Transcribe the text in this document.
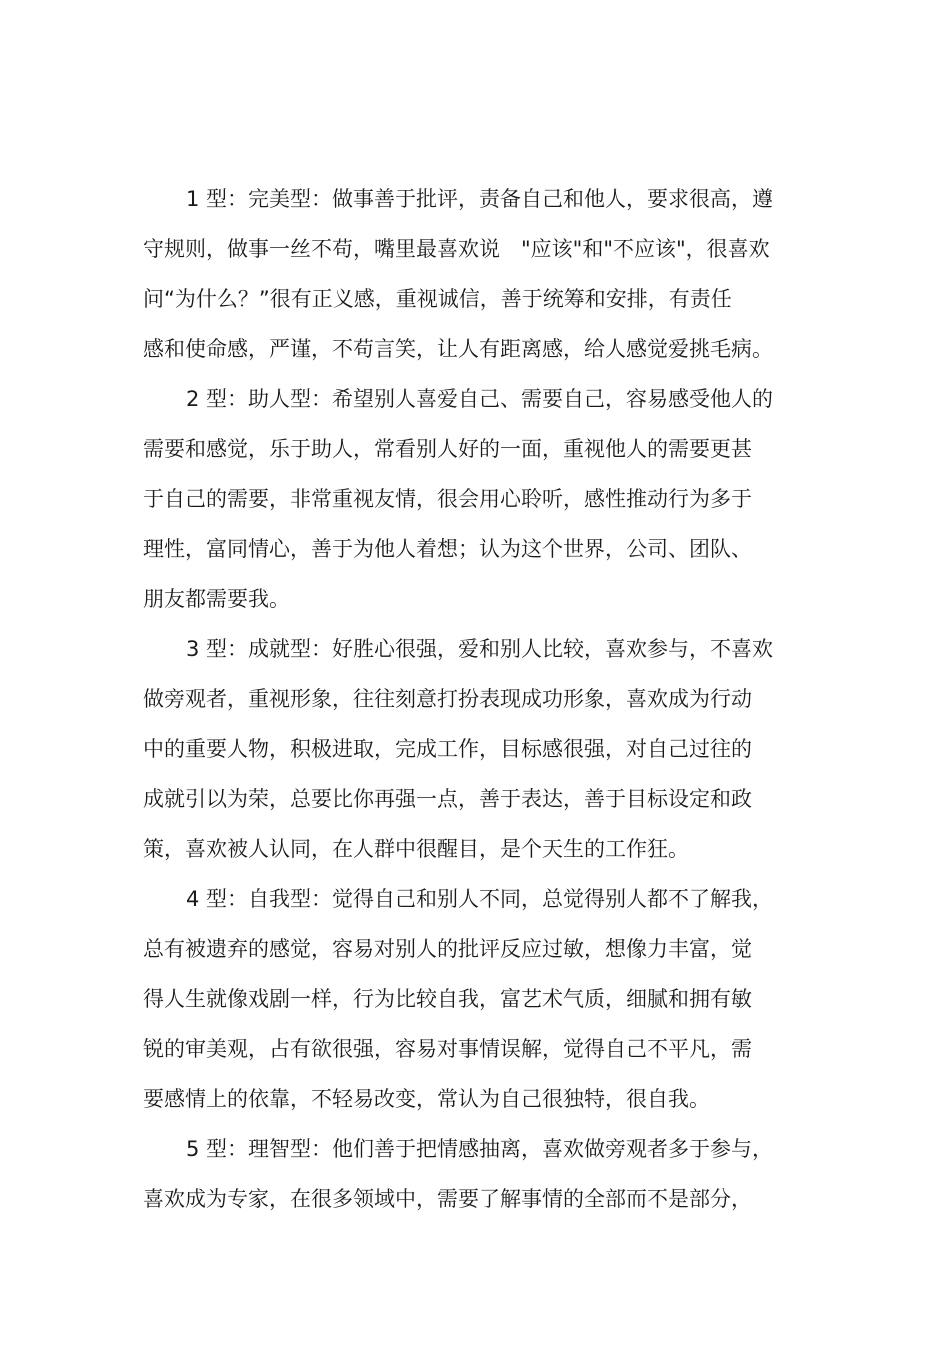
1 型：完美型：做事善于批评，责备自己和他人，要求很高，遵

守规则，做事一丝不苟，嘴里最喜欢说　"应该"和"不应该"，很喜欢

问“为什么？”很有正义感，重视诚信，善于统筹和安排，有责任

感和使命感，严谨，不苟言笑，让人有距离感，给人感觉爱挑毛病。

2 型：助人型：希望别人喜爱自己、需要自己，容易感受他人的

需要和感觉，乐于助人，常看别人好的一面，重视他人的需要更甚

于自己的需要，非常重视友情，很会用心聆听，感性推动行为多于

理性，富同情心，善于为他人着想；认为这个世界，公司、团队、

朋友都需要我。

3 型：成就型：好胜心很强，爱和别人比较，喜欢参与，不喜欢

做旁观者，重视形象，往往刻意打扮表现成功形象，喜欢成为行动

中的重要人物，积极进取，完成工作，目标感很强，对自己过往的

成就引以为荣，总要比你再强一点，善于表达，善于目标设定和政

策，喜欢被人认同，在人群中很醒目，是个天生的工作狂。

4 型：自我型：觉得自己和别人不同，总觉得别人都不了解我，

总有被遗弃的感觉，容易对别人的批评反应过敏，想像力丰富，觉

得人生就像戏剧一样，行为比较自我，富艺术气质，细腻和拥有敏

锐的审美观，占有欲很强，容易对事情误解，觉得自己不平凡，需

要感情上的依靠，不轻易改变，常认为自己很独特，很自我。

5 型：理智型：他们善于把情感抽离，喜欢做旁观者多于参与，

喜欢成为专家，在很多领域中，需要了解事情的全部而不是部分，
